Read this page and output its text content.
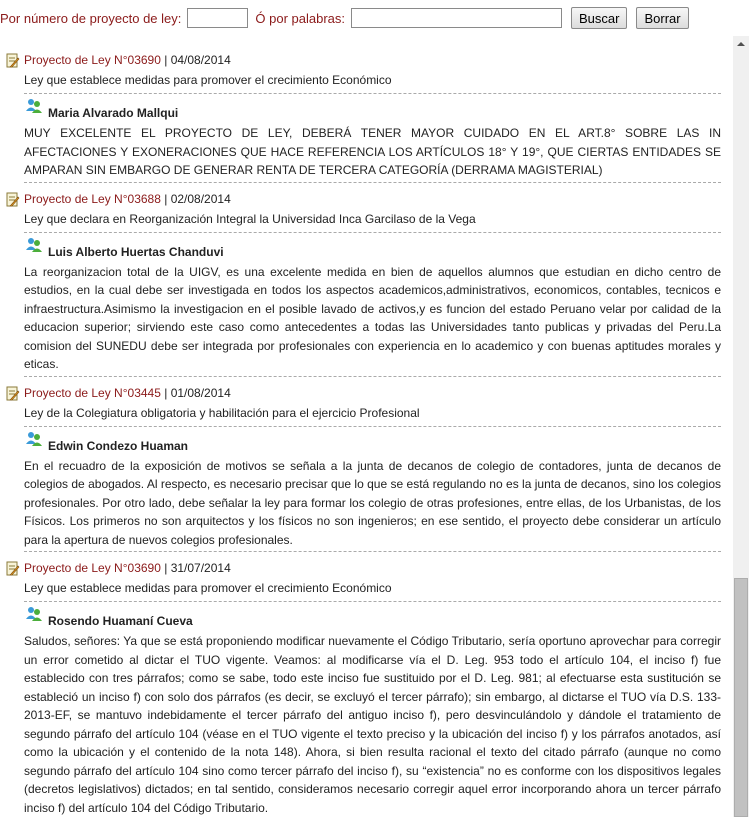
Por número de proyecto de ley:	Ó por palabras:	Buscar	Borrar
Proyecto de Ley N°03690 | 04/08/2014
Ley que establece medidas para promover el crecimiento Económico
Maria Alvarado Mallqui
MUY EXCELENTE EL PROYECTO DE LEY, DEBERÁ TENER MAYOR CUIDADO EN EL ART.8° SOBRE LAS IN AFECTACIONES Y EXONERACIONES QUE HACE REFERENCIA LOS ARTÍCULOS 18° Y 19°, QUE CIERTAS ENTIDADES SE AMPARAN SIN EMBARGO DE GENERAR RENTA DE TERCERA CATEGORÍA (DERRAMA MAGISTERIAL)
Proyecto de Ley N°03688 | 02/08/2014
Ley que declara en Reorganización Integral la Universidad Inca Garcilaso de la Vega
Luis Alberto Huertas Chanduvi
La reorganizacion total de la UIGV, es una excelente medida en bien de aquellos alumnos que estudian en dicho centro de estudios, en la cual debe ser investigada en todos los aspectos academicos,administrativos, economicos, contables, tecnicos e infraestructura.Asimismo la investigacion en el posible lavado de activos,y es funcion del estado Peruano velar por calidad de la educacion superior; sirviendo este caso como antecedentes a todas las Universidades tanto publicas y privadas del Peru.La comision del SUNEDU debe ser integrada por profesionales con experiencia en lo academico y con buenas aptitudes morales y eticas.
Proyecto de Ley N°03445 | 01/08/2014
Ley de la Colegiatura obligatoria y habilitación para el ejercicio Profesional
Edwin Condezo Huaman
En el recuadro de la exposición de motivos se señala a la junta de decanos de colegio de contadores, junta de decanos de colegios de abogados. Al respecto, es necesario precisar que lo que se está regulando no es la junta de decanos, sino los colegios profesionales. Por otro lado, debe señalar la ley para formar los colegio de otras profesiones, entre ellas, de los Urbanistas, de los Físicos. Los primeros no son arquitectos y los físicos no son ingenieros; en ese sentido, el proyecto debe considerar un artículo para la apertura de nuevos colegios profesionales.
Proyecto de Ley N°03690 | 31/07/2014
Ley que establece medidas para promover el crecimiento Económico
Rosendo Huamaní Cueva
Saludos, señores: Ya que se está proponiendo modificar nuevamente el Código Tributario, sería oportuno aprovechar para corregir un error cometido al dictar el TUO vigente. Veamos: al modificarse vía el D. Leg. 953 todo el artículo 104, el inciso f) fue establecido con tres párrafos; como se sabe, todo este inciso fue sustituido por el D. Leg. 981; al efectuarse esta sustitución se estableció un inciso f) con solo dos párrafos (es decir, se excluyó el tercer párrafo); sin embargo, al dictarse el TUO vía D.S. 133-2013-EF, se mantuvo indebidamente el tercer párrafo del antiguo inciso f), pero desvinculándolo y dándole el tratamiento de segundo párrafo del artículo 104 (véase en el TUO vigente el texto preciso y la ubicación del inciso f) y los párrafos anotados, así como la ubicación y el contenido de la nota 148). Ahora, si bien resulta racional el texto del citado párrafo (aunque no como segundo párrafo del artículo 104 sino como tercer párrafo del inciso f), su “existencia” no es conforme con los dispositivos legales (decretos legislativos) dictados; en tal sentido, consideramos necesario corregir aquel error incorporando ahora un tercer párrafo inciso f) del artículo 104 del Código Tributario.
